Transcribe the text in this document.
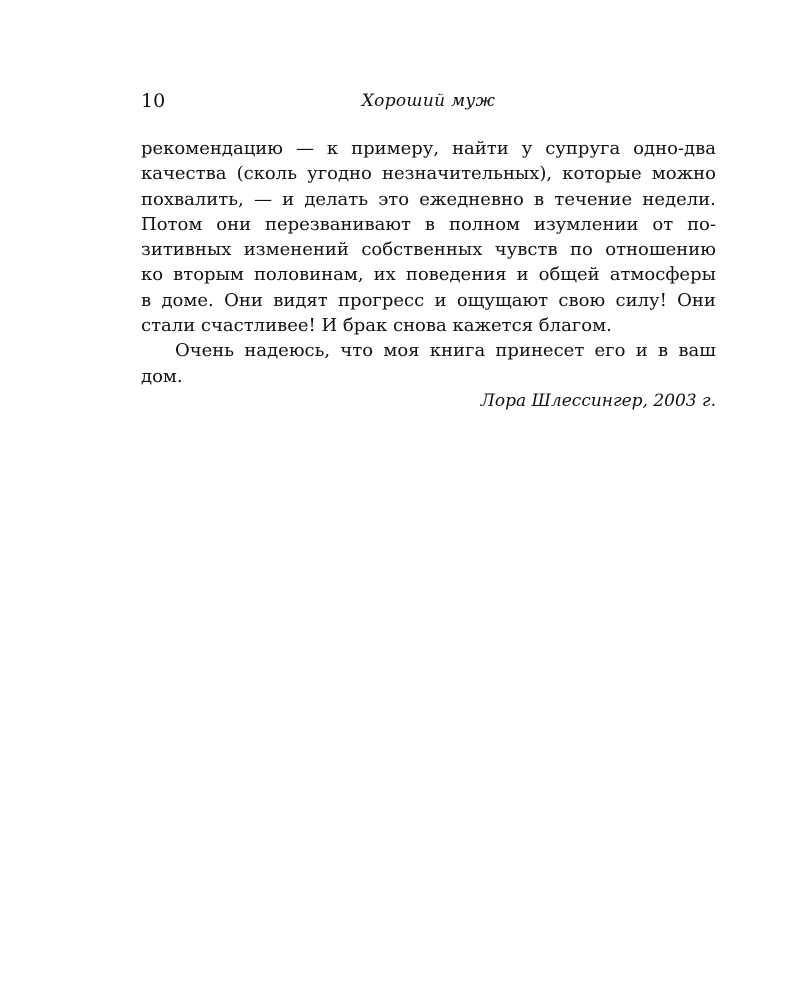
10	Хороший муж
рекомендацию — к примеру, найти у супруга одно-два
качества (сколь угодно незначительных), которые можно
похвалить, — и делать это ежедневно в течение недели.
Потом они перезванивают в полном изумлении от по-
зитивных изменений собственных чувств по отношению
ко вторым половинам, их поведения и общей атмосферы
в доме. Они видят прогресс и ощущают свою силу! Они
стали счастливее! И брак снова кажется благом.
Очень надеюсь, что моя книга принесет его и в ваш
дом.
Лора Шлессингер, 2003 г.
